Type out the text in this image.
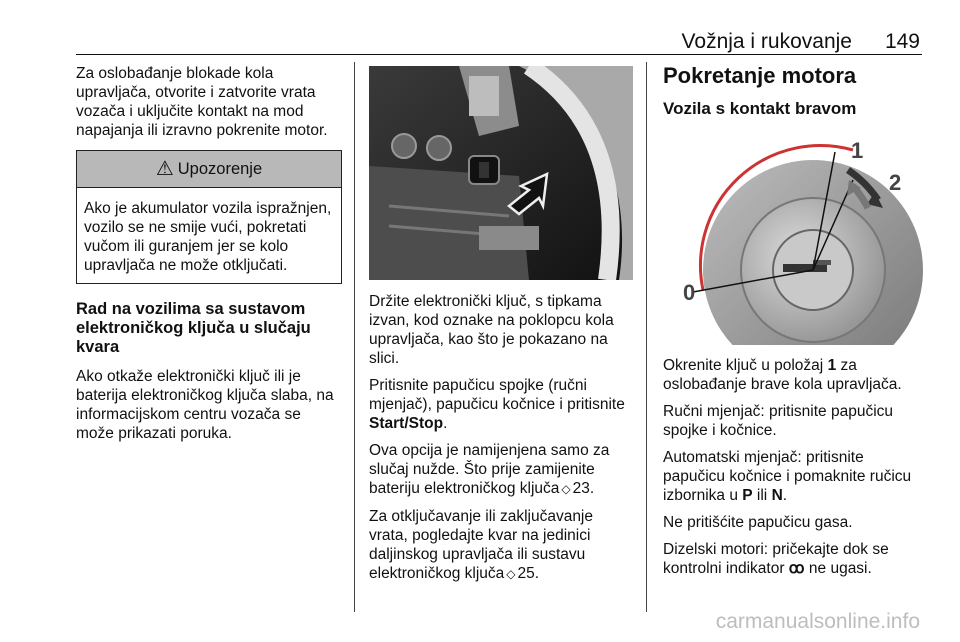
Vožnja i rukovanje 149

Za oslobađanje blokade kola upravljača, otvorite i zatvorite vrata vozača i uključite kontakt na mod napajanja ili izravno pokrenite motor.

⚠ Upozorenje
Ako je akumulator vozila ispražnjen, vozilo se ne smije vući, pokretati vučom ili guranjem jer se kolo upravljača ne može otključati.
Rad na vozilima sa sustavom elektroničkog ključa u slučaju kvara

Ako otkaže elektronički ključ ili je baterija elektroničkog ključa slaba, na informacijskom centru vozača se može prikazati poruka.

Držite elektronički ključ, s tipkama izvan, kod oznake na poklopcu kola upravljača, kao što je pokazano na slici.

Pritisnite papučicu spojke (ručni mjenjač), papučicu kočnice i pritisnite Start/Stop.

Ova opcija je namijenjena samo za slučaj nužde. Što prije zamijenite bateriju elektroničkog ključa ◇ 23.

Za otključavanje ili zaključavanje vrata, pogledajte kvar na jedinici daljinskog upravljača ili sustavu elektroničkog ključa ◇ 25.

Pokretanje motora
Vozila s kontakt bravom
0
1
2

Okrenite ključ u položaj 1 za oslobađanje brave kola upravljača.

Ručni mjenjač: pritisnite papučicu spojke i kočnice.

Automatski mjenjač: pritisnite papučicu kočnice i pomaknite ručicu izbornika u P ili N.

Ne pritišćite papučicu gasa.

Dizelski motori: pričekajte dok se kontrolni indikator ꝏ ne ugasi.

carmanualsonline.info
